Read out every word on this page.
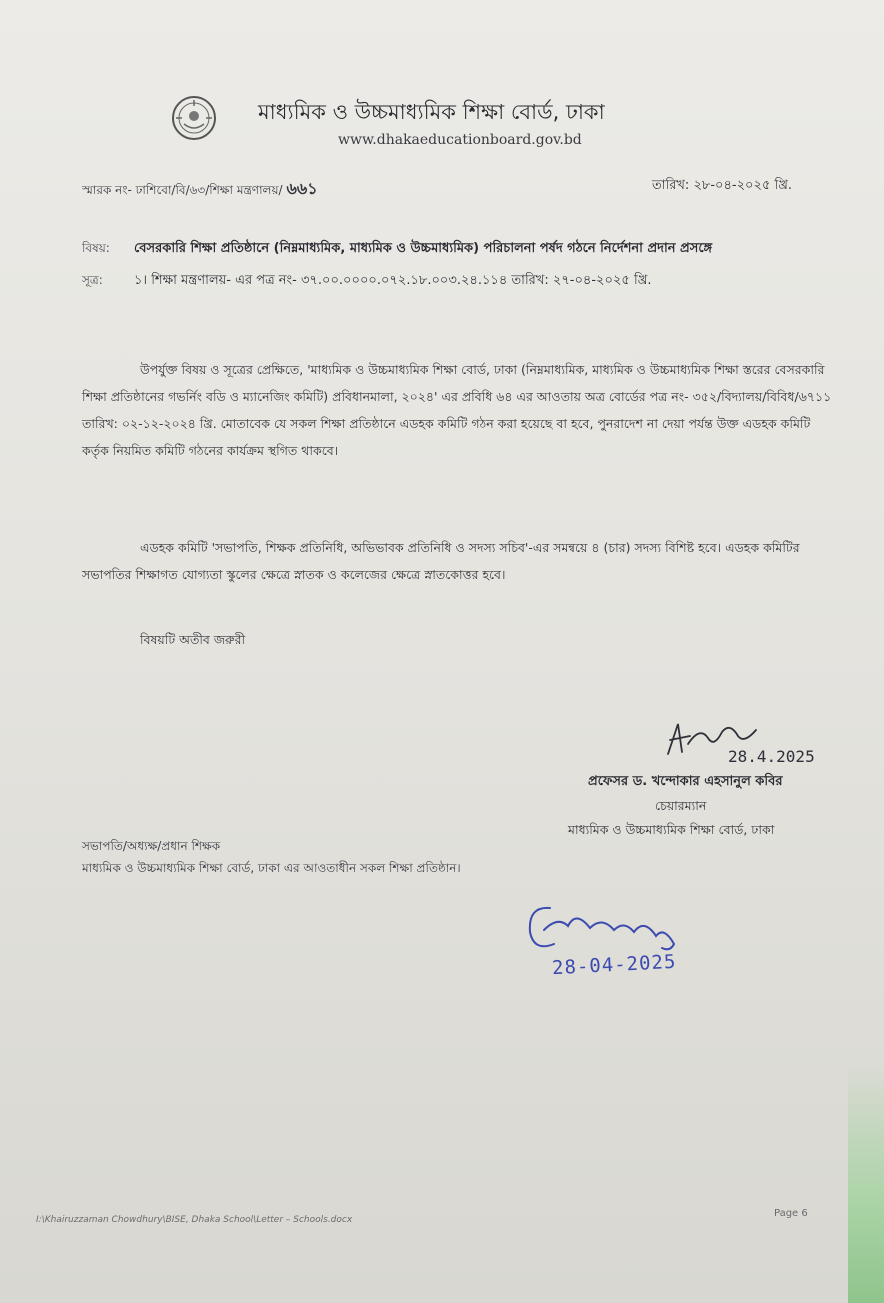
মাধ্যমিক ও উচ্চমাধ্যমিক শিক্ষা বোর্ড, ঢাকা
www.dhakaeducationboard.gov.bd
স্মারক নং- ঢাশিবো/বি/৬৩/শিক্ষা মন্ত্রণালয়/ ৬৬১	তারিখ: ২৮-০৪-২০২৫ খ্রি.
বিষয়: বেসরকারি শিক্ষা প্রতিষ্ঠানে (নিম্নমাধ্যমিক, মাধ্যমিক ও উচ্চমাধ্যমিক) পরিচালনা পর্ষদ গঠনে নির্দেশনা প্রদান প্রসঙ্গে
সূত্র: ১। শিক্ষা মন্ত্রণালয়- এর পত্র নং- ৩৭.০০.০০০০.০৭২.১৮.০০৩.২৪.১১৪ তারিখ: ২৭-০৪-২০২৫ খ্রি.
উপর্যুক্ত বিষয় ও সূত্রের প্রেক্ষিতে, 'মাধ্যমিক ও উচ্চমাধ্যমিক শিক্ষা বোর্ড, ঢাকা (নিম্নমাধ্যমিক, মাধ্যমিক ও উচ্চমাধ্যমিক শিক্ষা স্তরের বেসরকারি শিক্ষা প্রতিষ্ঠানের গভর্নিং বডি ও ম্যানেজিং কমিটি) প্রবিধানমালা, ২০২৪' এর প্রবিধি ৬৪ এর আওতায় অত্র বোর্ডের পত্র নং- ৩৫২/বিদ্যালয়/বিবিধ/৬৭১১ তারিখ: ০২-১২-২০২৪ খ্রি. মোতাবেক যে সকল শিক্ষা প্রতিষ্ঠানে এডহক কমিটি গঠন করা হয়েছে বা হবে, পুনরাদেশ না দেয়া পর্যন্ত উক্ত এডহক কমিটি কর্তৃক নিয়মিত কমিটি গঠনের কার্যক্রম স্থগিত থাকবে।
এডহক কমিটি 'সভাপতি, শিক্ষক প্রতিনিধি, অভিভাবক প্রতিনিধি ও সদস্য সচিব'-এর সমন্বয়ে ৪ (চার) সদস্য বিশিষ্ট হবে। এডহক কমিটির সভাপতির শিক্ষাগত যোগ্যতা স্কুলের ক্ষেত্রে স্নাতক ও কলেজের ক্ষেত্রে স্নাতকোত্তর হবে।
বিষয়টি অতীব জরুরী
28.4.2025
প্রফেসর ড. খন্দোকার এহসানুল কবির
চেয়ারম্যান
মাধ্যমিক ও উচ্চমাধ্যমিক শিক্ষা বোর্ড, ঢাকা
সভাপতি/অধ্যক্ষ/প্রধান শিক্ষক
মাধ্যমিক ও উচ্চমাধ্যমিক শিক্ষা বোর্ড, ঢাকা এর আওতাধীন সকল শিক্ষা প্রতিষ্ঠান।
28-04-2025
I:\Khairuzzaman Chowdhury\BISE, Dhaka School\Letter – Schools.docx
Page 6
